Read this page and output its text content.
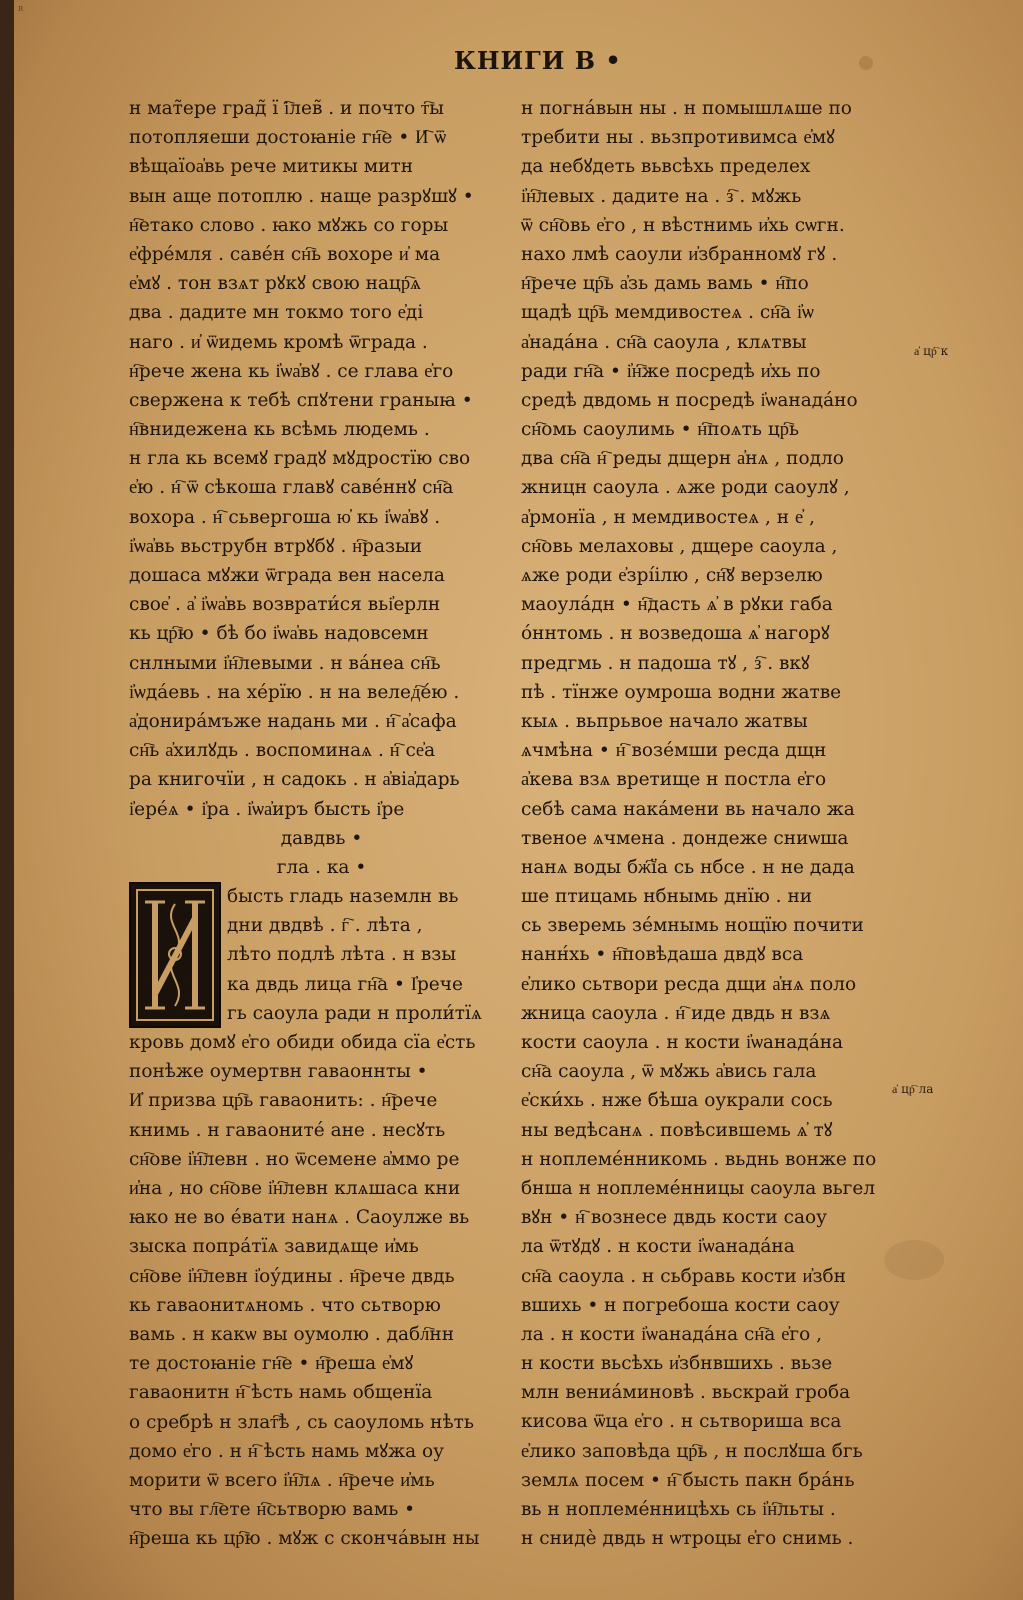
ʀ
КНИГИ В •
н мат̃ере град̃ ї і҇лев̃ . и почто т҇ы
потопляеши достоꙗніе гн҇е • И҇ ѿ
вѣщаїоа҆вь рече митикы митн
вын аще потоплю . наще разрꙋшꙋ •
н҇етако слово . ꙗко мꙋжь со горы
е҆фре́мля . саве́н сн҇ь вохоре и҆ ма
е҆мꙋ . тон взѧт рꙋкꙋ свою нацр҇ѧ
два . дадите мн токмо того е҆ді
наго . и҆ ѿидемь кромѣ ѿграда .
н҇рече жена кь і҆ѡа҆вꙋ . се глава е҆го
свержена к тебѣ спꙋтени граныꙗ •
н҇внидежена кь всѣмь людемь .
н гла кь всемꙋ градꙋ мꙋдростїю сво
е҆ю . н҇ ѿ сѣкоша главꙋ саве́ннꙋ сн҇а
вохора . н҇ сьвергоша ю҆ кь і҆ѡа҆вꙋ .
і҆ѡа҆вь вьструбн втрꙋбꙋ . н҇разыи
дошаса мꙋжи ѿграда вен насела
свое҆ . а҆ і҆ѡа҆вь возврати́ся вьі҆ерлн
кь цр҇ю • бѣ бо і҆ѡа҆вь надовсемн
снлными і҆н҇левыми . н ва́неа сн҇ь
і҆ѡда́евь . на хе́рїю . н на велед҇е́ю .
а҆донира́мъже надань ми . н҇ а҆сафа
сн҇ь а҆хилꙋдь . воспоминаѧ . н҇ се҆а
ра книгочїи , н садокь . н а҆віа҆дарь
і҆ере́ѧ • і҆ра . і҆ѡа҆иръ бысть і҆ре
давдвь •
гла . ка •
бысть гладь наземлн вь
дни двдвѣ . г҇ . лѣта ,
лѣто подлѣ лѣта . н взы
ка двдь лица гн҇а • І҆рече
гь саоула ради н проли́тїѧ
кровь домꙋ е҆го обиди обида сїа е҆сть
понѣже оумертвн гаваоннты •
И҆ призва цр҇ь гаваонить: . н҇рече
книмь . н гаваоните́ ане . несꙋть
сн҇ове і҆н҇левн . но ѿсемене а҆ммо ре
и҆на , но сн҇ове і҆н҇левн клѧшаса кни
ꙗко не во е́вати нанѧ . Саоулже вь
зыска попра́тїѧ завидѧще и҆мь
сн҇ове і҆н҇левн і҆оу́дины . н҇рече двдь
кь гаваонитѧномь . что сьтворю
вамь . н какѡ вы оумолю . дабл҇нн
те достоꙗніе гн҇е • н҇реша е҆мꙋ
гаваонитн н҇ ѣсть намь общенїа
о сребрѣ н злат҇ѣ , сь саоуломь нѣть
домо е҆го . н н҇ ѣсть намь мꙋжа оу
морити ѿ всего і҆н҇лѧ . н҇рече и҆мь
что вы гл҇ете н҇сьтворю вамь •
н҇реша кь цр҇ю . мꙋж с сконча́вын ны
н погна́вын ны . н помышлѧше по
требити ны . вьзпротивимса е҆мꙋ
да небꙋдеть вьвсѣхь пределех
і҆н҇левых . дадите на . з҇ . мꙋжь
ѿ сн҇овь е҆го , н вѣстнимь и҆хь сѡгн.
нахо лмѣ саоули и҆збранномꙋ гꙋ .
н҇рече цр҇ь а҆зь дамь вамь • н҇по
щадѣ цр҇ь мемдивостеѧ . сн҇а і҆ѡ
а҆нада́на . сн҇а саоула , клѧтвы
ради гн҇а • і҆н҇же посредѣ и҆хь по
средѣ двдомь н посредѣ і҆ѡанада́но
сн҇омь саоулимь • н҇поѧть цр҇ь
два сн҇а н҇ реды дщерн а҆нѧ , подло
жницн саоула . ѧже роди саоулꙋ ,
а҆рмонїа , н мемдивостеѧ , н е҆ ,
сн҇овь мелаховы , дщере саоула ,
ѧже роди е҆зрі́ілю , сн҇ꙋ верзелю
маоула́дн • н҇дасть ѧ҆ в рꙋки габа
о́ннтомь . н возведоша ѧ҆ нагорꙋ
предгмь . н падоша тꙋ , з҇ . вкꙋ
пѣ . тїнже оумроша водни жатве
кыѧ . вьпрьвое начало жатвы
ѧчмѣна • н҇ возе́мши ресда дщн
а҆кева взѧ вретище н постла е҆го
себѣ сама нака́мени вь начало жа
твеное ѧчмена . дондеже сниѡша
нанѧ воды бж҇їа сь нбсе . н не дада
ше птицамь нбнымь днїю . ни
сь зверемь зе́мнымь нощїю почити
нанн́хь • н҇повѣдаша двдꙋ вса
е҆лико сьтвори ресда дщи а҆нѧ поло
жница саоула . н҇ иде двдь н взѧ
кости саоула . н кости і҆ѡанада́на
сн҇а саоула , ѿ мꙋжь а҆вись гала
е҆ски́хь . нже бѣша оукрали сось
ны ведѣсанѧ . повѣсившемь ѧ҆ тꙋ
н ноплеме́нникомь . вьднь вонже по
бнша н ноплеме́нницы саоула вьгел
вꙋн • н҇ вознесе двдь кости саоу
ла ѿтꙋдꙋ . н кости і҆ѡанада́на
сн҇а саоула . н сьбравь кости и҆збн
вшихь • н погребоша кости саоу
ла . н кости і҆ѡанада́на сн҇а е҆го ,
н кости вьсѣхь и҆збнвшихь . вьзе
млн вениа́миновѣ . вьскрай гроба
кисова ѿца е҆го . н сьтвориша вса
е҆лико заповѣда цр҇ь , н послꙋша бгь
землѧ посем • н҇ бысть пакн бра́нь
вь н ноплеме́нницѣхь сь і҆н҇льты .
н снидѐ двдь н ѡтроцы е҆го снимь .
а҆ цр҇ к
а҆ цр҇ ла
